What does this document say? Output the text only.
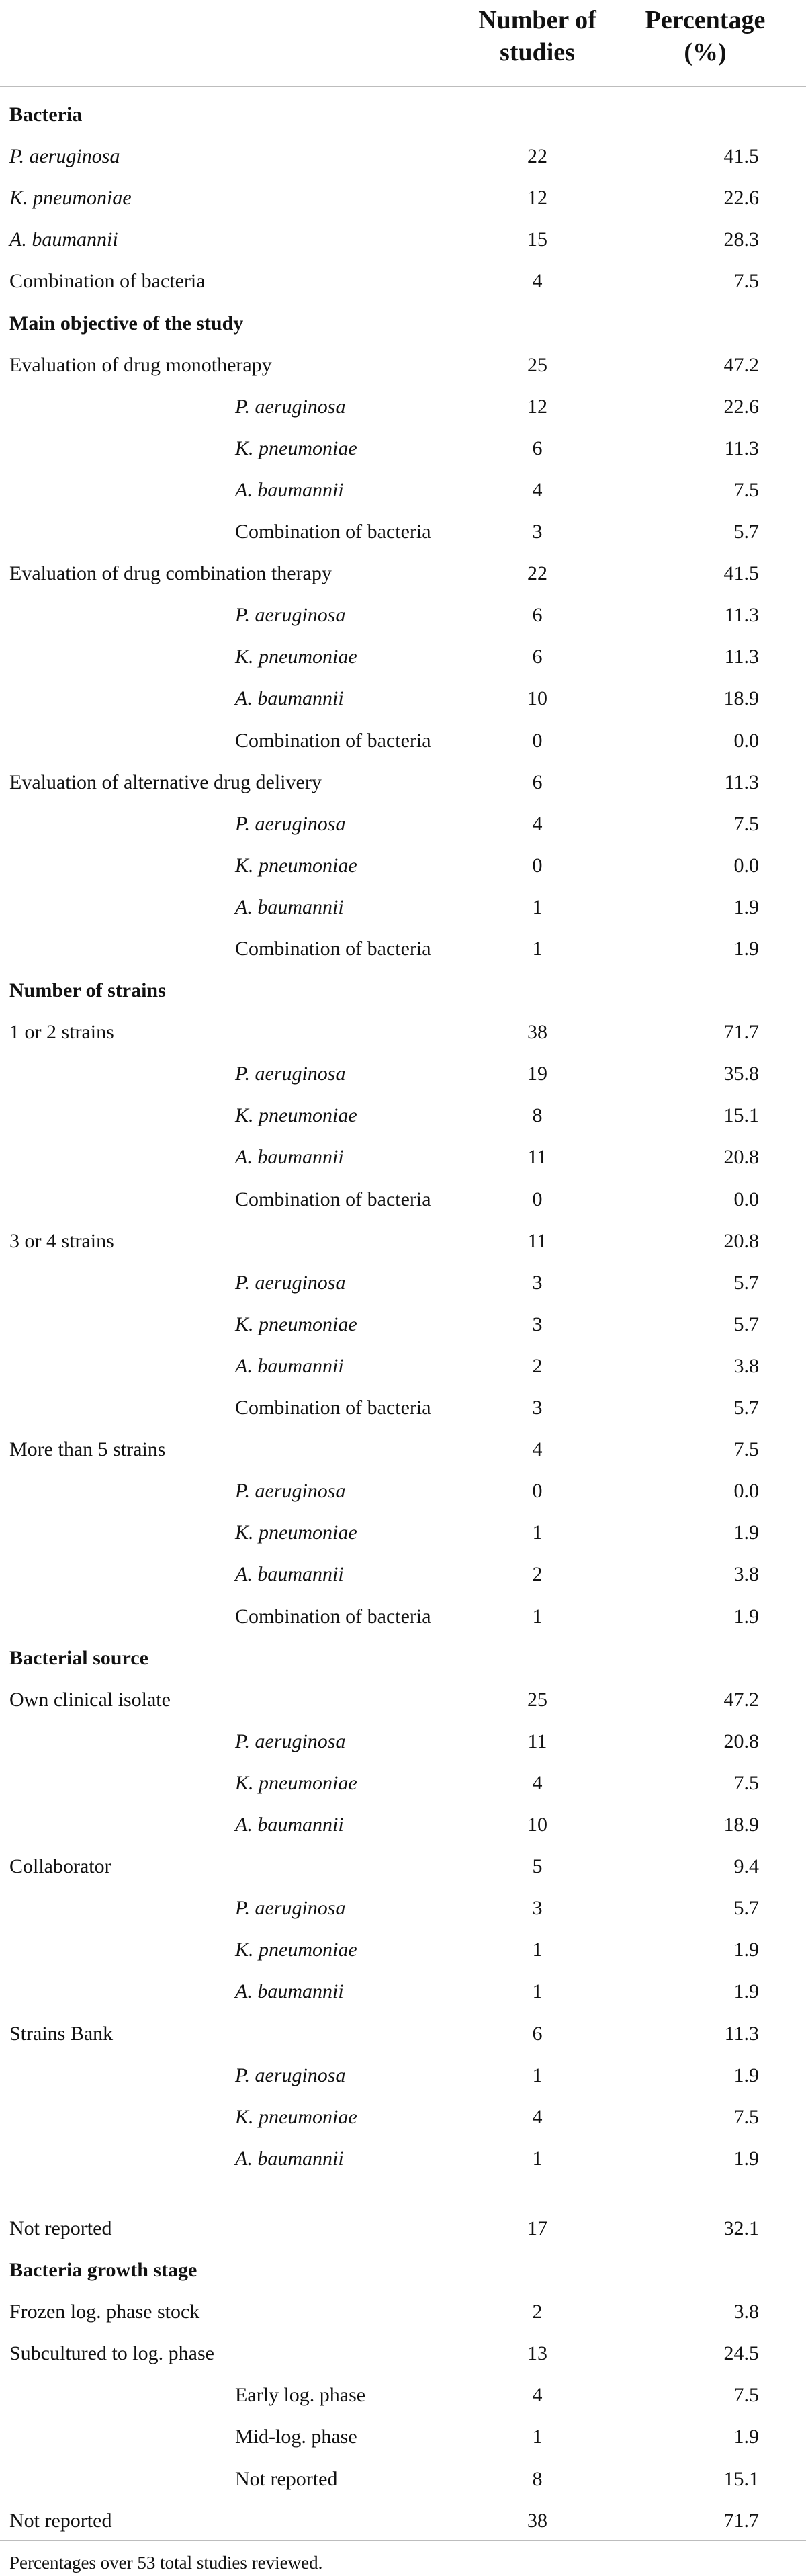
Number of studies
Percentage (%)
Bacteria
P. aeruginosa	22	41.5
K. pneumoniae	12	22.6
A. baumannii	15	28.3
Combination of bacteria	4	7.5
Main objective of the study
Evaluation of drug monotherapy	25	47.2
P. aeruginosa	12	22.6
K. pneumoniae	6	11.3
A. baumannii	4	7.5
Combination of bacteria	3	5.7
Evaluation of drug combination therapy	22	41.5
P. aeruginosa	6	11.3
K. pneumoniae	6	11.3
A. baumannii	10	18.9
Combination of bacteria	0	0.0
Evaluation of alternative drug delivery	6	11.3
P. aeruginosa	4	7.5
K. pneumoniae	0	0.0
A. baumannii	1	1.9
Combination of bacteria	1	1.9
Number of strains
1 or 2 strains	38	71.7
P. aeruginosa	19	35.8
K. pneumoniae	8	15.1
A. baumannii	11	20.8
Combination of bacteria	0	0.0
3 or 4 strains	11	20.8
P. aeruginosa	3	5.7
K. pneumoniae	3	5.7
A. baumannii	2	3.8
Combination of bacteria	3	5.7
More than 5 strains	4	7.5
P. aeruginosa	0	0.0
K. pneumoniae	1	1.9
A. baumannii	2	3.8
Combination of bacteria	1	1.9
Bacterial source
Own clinical isolate	25	47.2
P. aeruginosa	11	20.8
K. pneumoniae	4	7.5
A. baumannii	10	18.9
Collaborator	5	9.4
P. aeruginosa	3	5.7
K. pneumoniae	1	1.9
A. baumannii	1	1.9
Strains Bank	6	11.3
P. aeruginosa	1	1.9
K. pneumoniae	4	7.5
A. baumannii	1	1.9
Not reported	17	32.1
Bacteria growth stage
Frozen log. phase stock	2	3.8
Subcultured to log. phase	13	24.5
Early log. phase	4	7.5
Mid-log. phase	1	1.9
Not reported	8	15.1
Not reported	38	71.7
Percentages over 53 total studies reviewed.
